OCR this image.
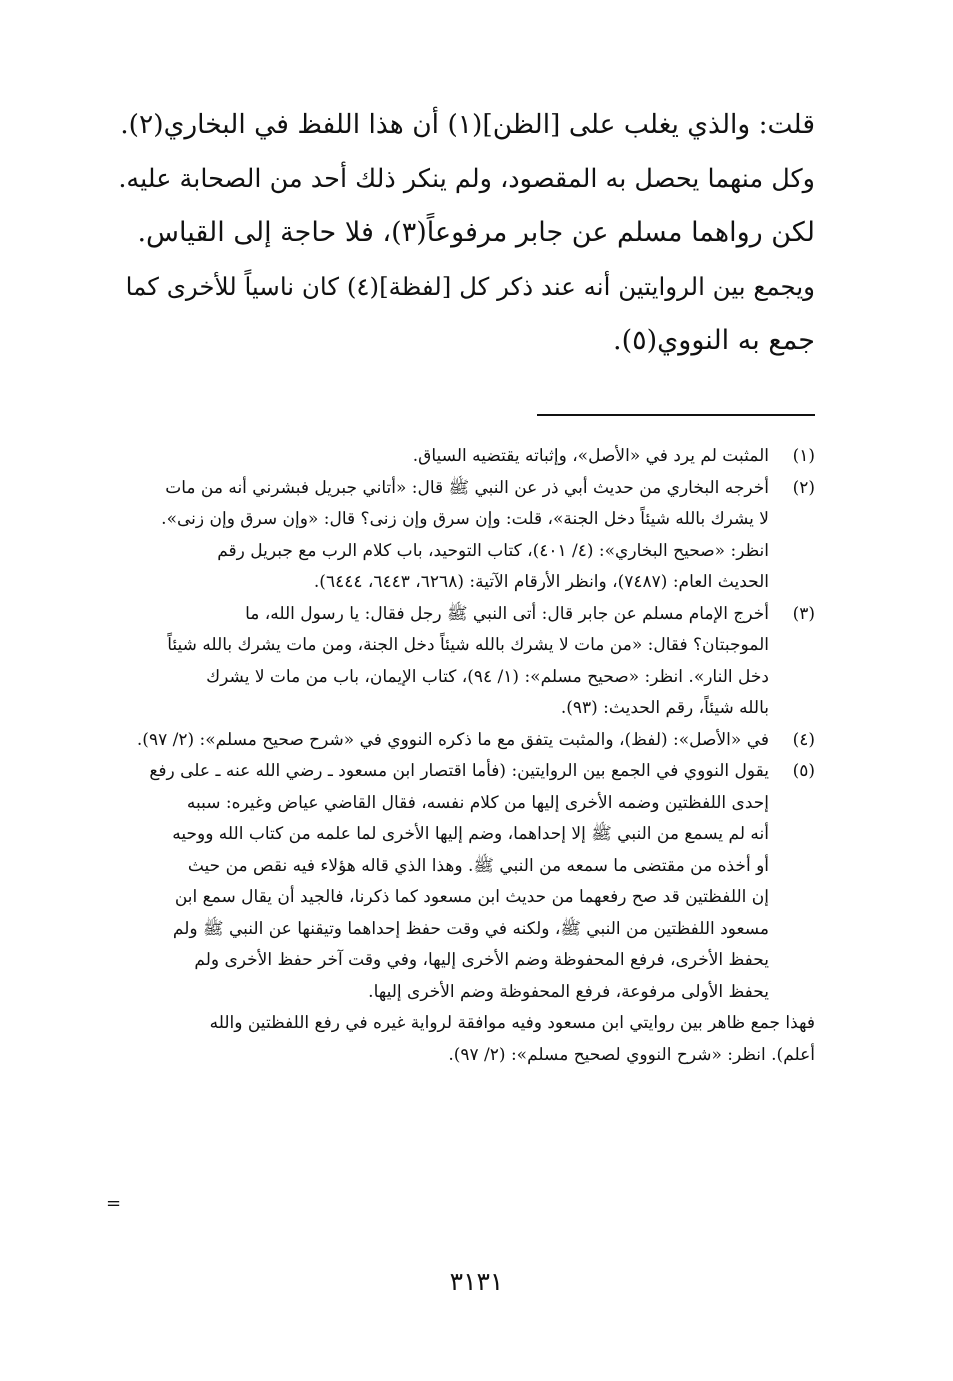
قلت: والذي يغلب على [الظن](١) أن هذا اللفظ في البخاري(٢).
وكل منهما يحصل به المقصود، ولم ينكر ذلك أحد من الصحابة عليه.
لكن رواهما مسلم عن جابر مرفوعاً(٣)، فلا حاجة إلى القياس.
ويجمع بين الروايتين أنه عند ذكر كل [لفظة](٤) كان ناسياً للأخرى كما
جمع به النووي(٥).
(١)
المثبت لم يرد في «الأصل»، وإثباته يقتضيه السياق.
(٢)
أخرجه البخاري من حديث أبي ذر عن النبي ﷺ قال: «أتاني جبريل فبشرني أنه من مات
لا يشرك بالله شيئاً دخل الجنة»، قلت: وإن سرق وإن زنى؟ قال: «وإن سرق وإن زنى».
انظر: «صحيح البخاري»: (٤/ ٤٠١)، كتاب التوحيد، باب كلام الرب مع جبريل رقم
الحديث العام: (٧٤٨٧)، وانظر الأرقام الآتية: (٦٢٦٨، ٦٤٤٣، ٦٤٤٤).
(٣)
أخرج الإمام مسلم عن جابر قال: أتى النبي ﷺ رجل فقال: يا رسول الله، ما
الموجبتان؟ فقال: «من مات لا يشرك بالله شيئاً دخل الجنة، ومن مات يشرك بالله شيئاً
دخل النار». انظر: «صحيح مسلم»: (١/ ٩٤)، كتاب الإيمان، باب من مات لا يشرك
بالله شيئاً، رقم الحديث: (٩٣).
(٤)
في «الأصل»: (لفظ)، والمثبت يتفق مع ما ذكره النووي في «شرح صحيح مسلم»: (٢/ ٩٧).
(٥)
يقول النووي في الجمع بين الروايتين: (فأما اقتصار ابن مسعود ـ رضي الله عنه ـ على رفع
إحدى اللفظتين وضمه الأخرى إليها من كلام نفسه، فقال القاضي عياض وغيره: سببه
أنه لم يسمع من النبي ﷺ إلا إحداهما، وضم إليها الأخرى لما علمه من كتاب الله ووحيه
أو أخذه من مقتضى ما سمعه من النبي ﷺ. وهذا الذي قاله هؤلاء فيه نقص من حيث
إن اللفظتين قد صح رفعهما من حديث ابن مسعود كما ذكرنا، فالجيد أن يقال سمع ابن
مسعود اللفظتين من النبي ﷺ، ولكنه في وقت حفظ إحداهما وتيقنها عن النبي ﷺ ولم
يحفظ الأخرى، فرفع المحفوظة وضم الأخرى إليها، وفي وقت آخر حفظ الأخرى ولم
يحفظ الأولى مرفوعة، فرفع المحفوظة وضم الأخرى إليها.
فهذا جمع ظاهر بين روايتي ابن مسعود وفيه موافقة لرواية غيره في رفع اللفظتين والله
أعلم). انظر: «شرح النووي لصحيح مسلم»: (٢/ ٩٧).
=
٣١٣١
